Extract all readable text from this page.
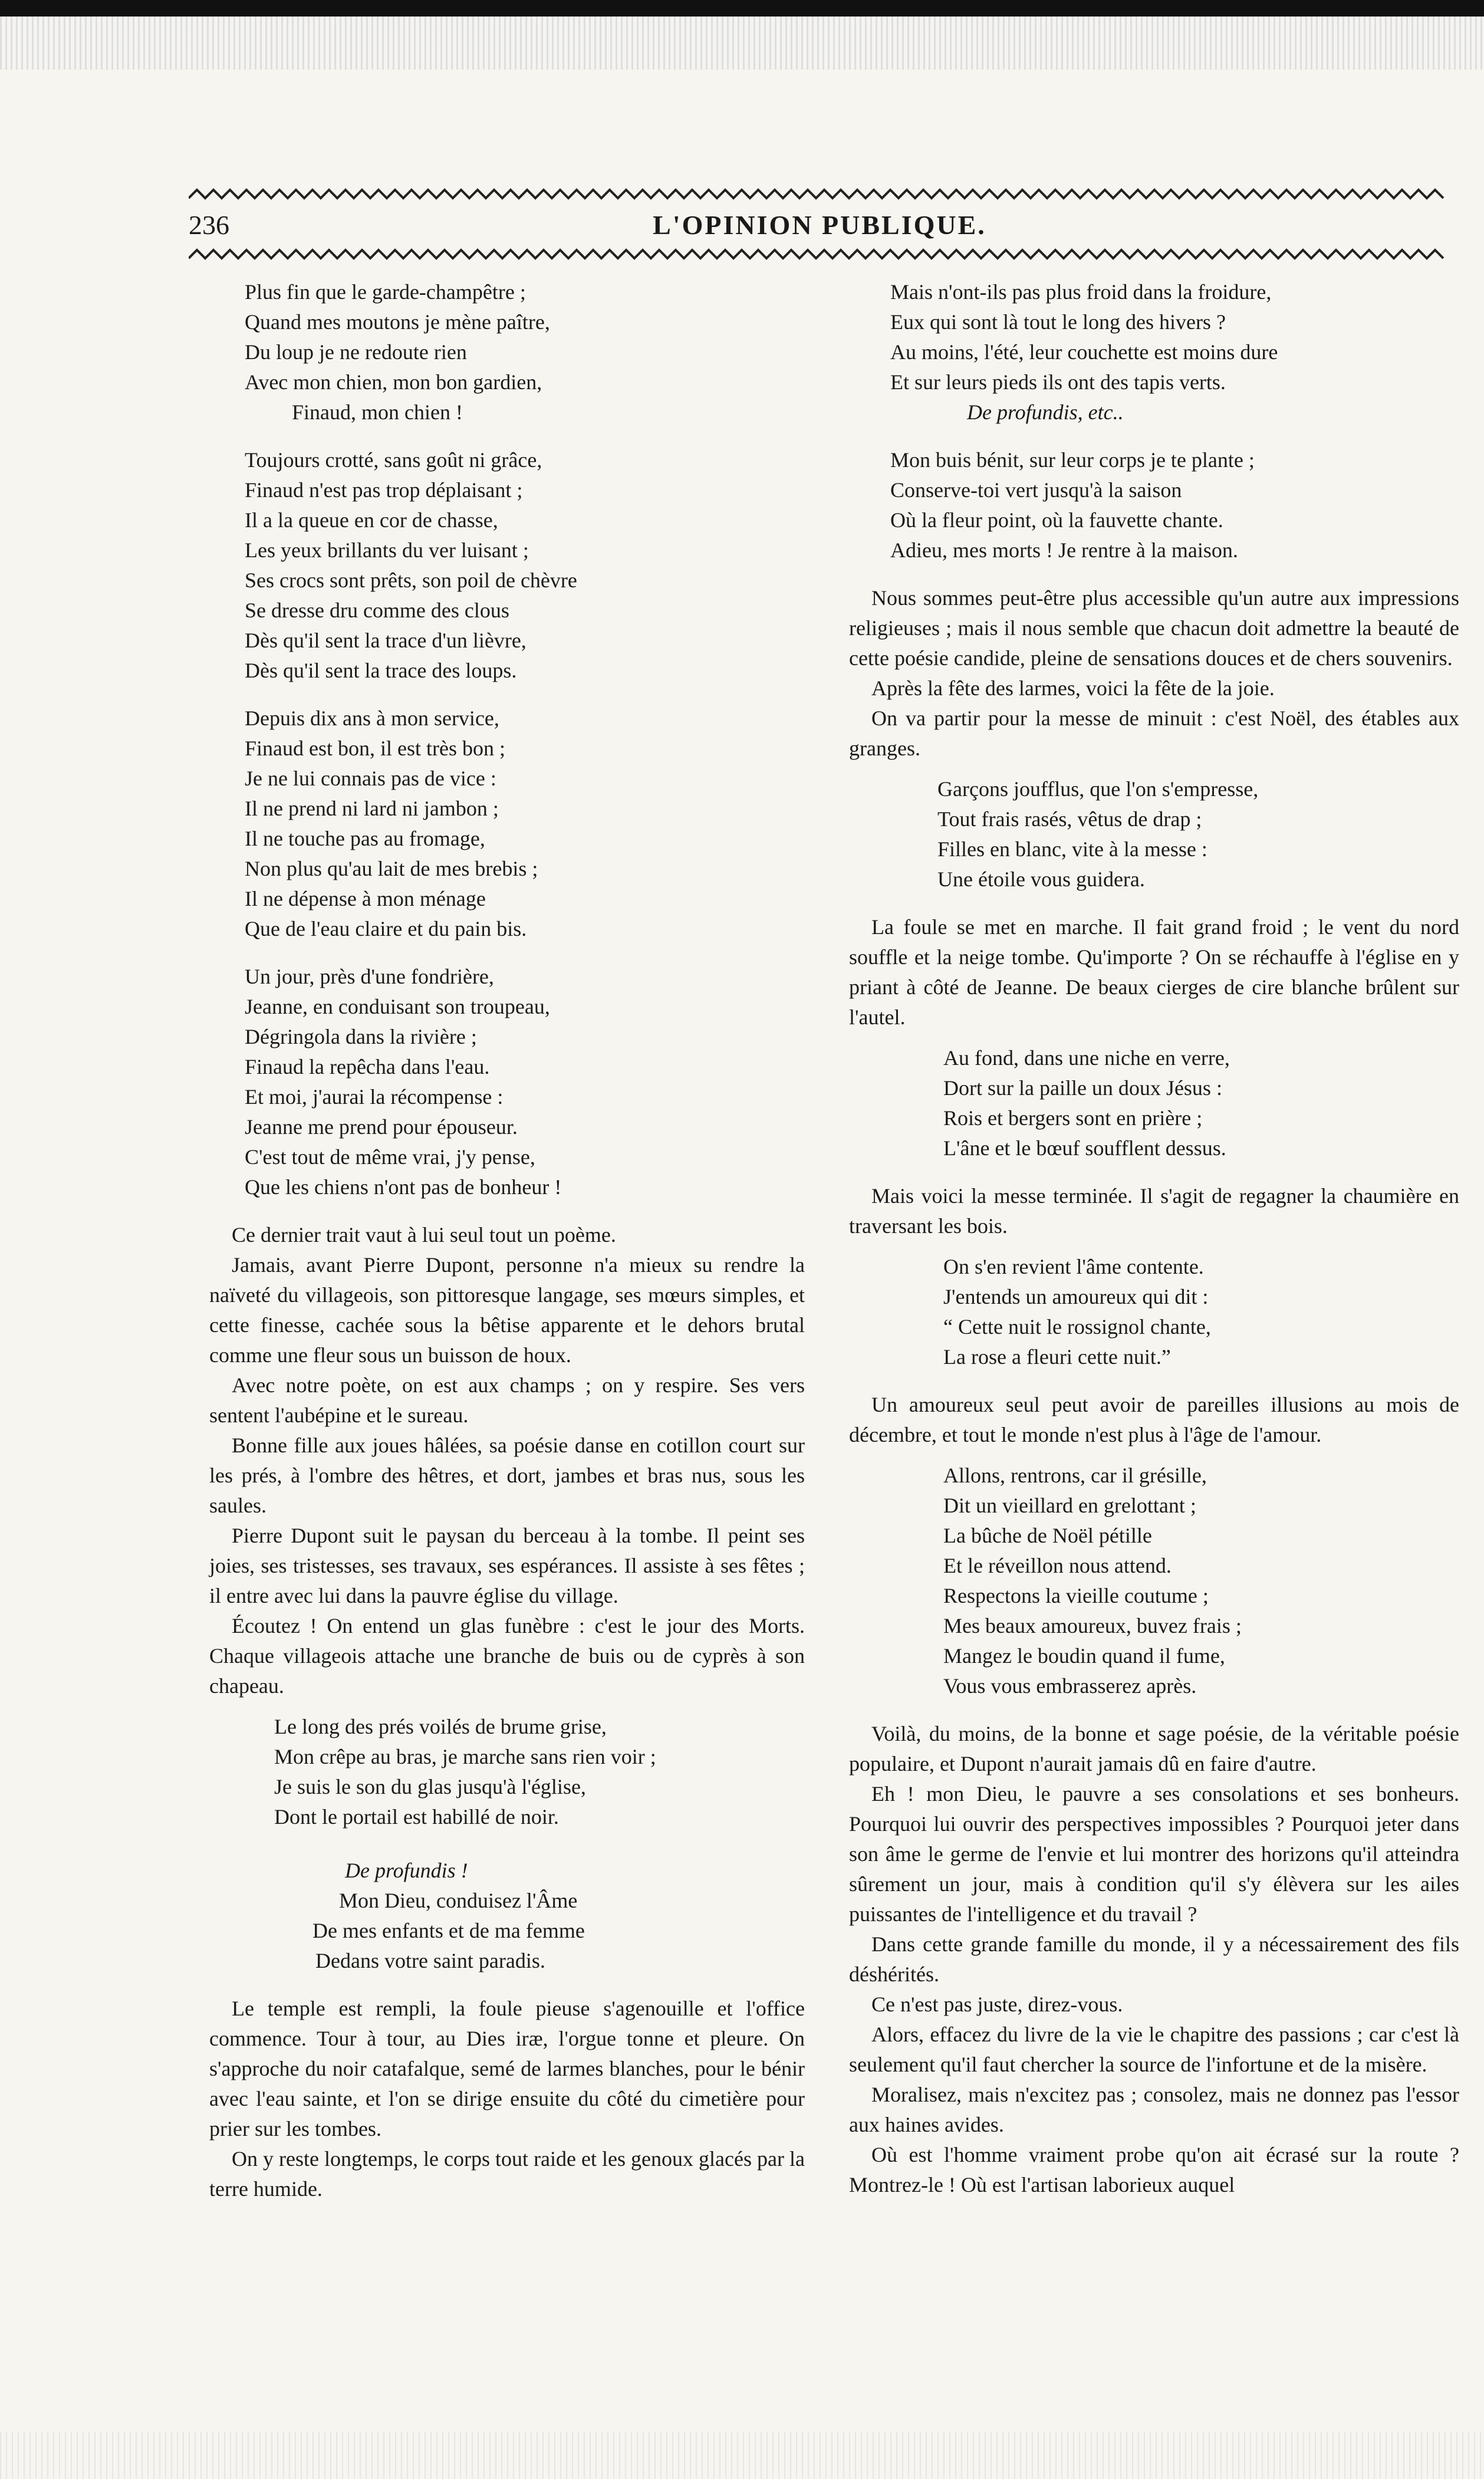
236	L'OPINION PUBLIQUE.
Plus fin que le garde-champêtre ;
Quand mes moutons je mène paître,
Du loup je ne redoute rien
Avec mon chien, mon bon gardien,
Finaud, mon chien !
Toujours crotté, sans goût ni grâce,
Finaud n'est pas trop déplaisant ;
Il a la queue en cor de chasse,
Les yeux brillants du ver luisant ;
Ses crocs sont prêts, son poil de chèvre
Se dresse dru comme des clous
Dès qu'il sent la trace d'un lièvre,
Dès qu'il sent la trace des loups.
Depuis dix ans à mon service,
Finaud est bon, il est très bon ;
Je ne lui connais pas de vice :
Il ne prend ni lard ni jambon ;
Il ne touche pas au fromage,
Non plus qu'au lait de mes brebis ;
Il ne dépense à mon ménage
Que de l'eau claire et du pain bis.
Un jour, près d'une fondrière,
Jeanne, en conduisant son troupeau,
Dégringola dans la rivière ;
Finaud la repêcha dans l'eau.
Et moi, j'aurai la récompense :
Jeanne me prend pour épouseur.
C'est tout de même vrai, j'y pense,
Que les chiens n'ont pas de bonheur !

Ce dernier trait vaut à lui seul tout un poème.

Jamais, avant Pierre Dupont, personne n'a mieux su rendre la naïveté du villageois, son pittoresque langage, ses mœurs simples, et cette finesse, cachée sous la bêtise apparente et le dehors brutal comme une fleur sous un buisson de houx.

Avec notre poète, on est aux champs ; on y respire. Ses vers sentent l'aubépine et le sureau.

Bonne fille aux joues hâlées, sa poésie danse en cotillon court sur les prés, à l'ombre des hêtres, et dort, jambes et bras nus, sous les saules.

Pierre Dupont suit le paysan du berceau à la tombe. Il peint ses joies, ses tristesses, ses travaux, ses espérances. Il assiste à ses fêtes ; il entre avec lui dans la pauvre église du village.

Écoutez ! On entend un glas funèbre : c'est le jour des Morts. Chaque villageois attache une branche de buis ou de cyprès à son chapeau.

Le long des prés voilés de brume grise,
Mon crêpe au bras, je marche sans rien voir ;
Je suis le son du glas jusqu'à l'église,
Dont le portail est habillé de noir.
De profundis !
Mon Dieu, conduisez l'Âme
De mes enfants et de ma femme
Dedans votre saint paradis.

Le temple est rempli, la foule pieuse s'agenouille et l'office commence. Tour à tour, au Dies iræ, l'orgue tonne et pleure. On s'approche du noir catafalque, semé de larmes blanches, pour le bénir avec l'eau sainte, et l'on se dirige ensuite du côté du cimetière pour prier sur les tombes.

On y reste longtemps, le corps tout raide et les genoux glacés par la terre humide.

Mais n'ont-ils pas plus froid dans la froidure,
Eux qui sont là tout le long des hivers ?
Au moins, l'été, leur couchette est moins dure
Et sur leurs pieds ils ont des tapis verts.
De profundis, etc..
Mon buis bénit, sur leur corps je te plante ;
Conserve-toi vert jusqu'à la saison
Où la fleur point, où la fauvette chante.
Adieu, mes morts ! Je rentre à la maison.

Nous sommes peut-être plus accessible qu'un autre aux impressions religieuses ; mais il nous semble que chacun doit admettre la beauté de cette poésie candide, pleine de sensations douces et de chers souvenirs.

Après la fête des larmes, voici la fête de la joie.

On va partir pour la messe de minuit : c'est Noël, des étables aux granges.

Garçons joufflus, que l'on s'empresse,
Tout frais rasés, vêtus de drap ;
Filles en blanc, vite à la messe :
Une étoile vous guidera.

La foule se met en marche. Il fait grand froid ; le vent du nord souffle et la neige tombe. Qu'importe ? On se réchauffe à l'église en y priant à côté de Jeanne. De beaux cierges de cire blanche brûlent sur l'autel.

Au fond, dans une niche en verre,
Dort sur la paille un doux Jésus :
Rois et bergers sont en prière ;
L'âne et le bœuf soufflent dessus.

Mais voici la messe terminée. Il s'agit de regagner la chaumière en traversant les bois.

On s'en revient l'âme contente.
J'entends un amoureux qui dit :
“ Cette nuit le rossignol chante,
La rose a fleuri cette nuit.”

Un amoureux seul peut avoir de pareilles illusions au mois de décembre, et tout le monde n'est plus à l'âge de l'amour.

Allons, rentrons, car il grésille,
Dit un vieillard en grelottant ;
La bûche de Noël pétille
Et le réveillon nous attend.
Respectons la vieille coutume ;
Mes beaux amoureux, buvez frais ;
Mangez le boudin quand il fume,
Vous vous embrasserez après.

Voilà, du moins, de la bonne et sage poésie, de la véritable poésie populaire, et Dupont n'aurait jamais dû en faire d'autre.

Eh ! mon Dieu, le pauvre a ses consolations et ses bonheurs. Pourquoi lui ouvrir des perspectives impossibles ? Pourquoi jeter dans son âme le germe de l'envie et lui montrer des horizons qu'il atteindra sûrement un jour, mais à condition qu'il s'y élèvera sur les ailes puissantes de l'intelligence et du travail ?

Dans cette grande famille du monde, il y a nécessairement des fils déshérités.

Ce n'est pas juste, direz-vous.

Alors, effacez du livre de la vie le chapitre des passions ; car c'est là seulement qu'il faut chercher la source de l'infortune et de la misère.

Moralisez, mais n'excitez pas ; consolez, mais ne donnez pas l'essor aux haines avides.

Où est l'homme vraiment probe qu'on ait écrasé sur la route ? Montrez-le ! Où est l'artisan laborieux auquel
